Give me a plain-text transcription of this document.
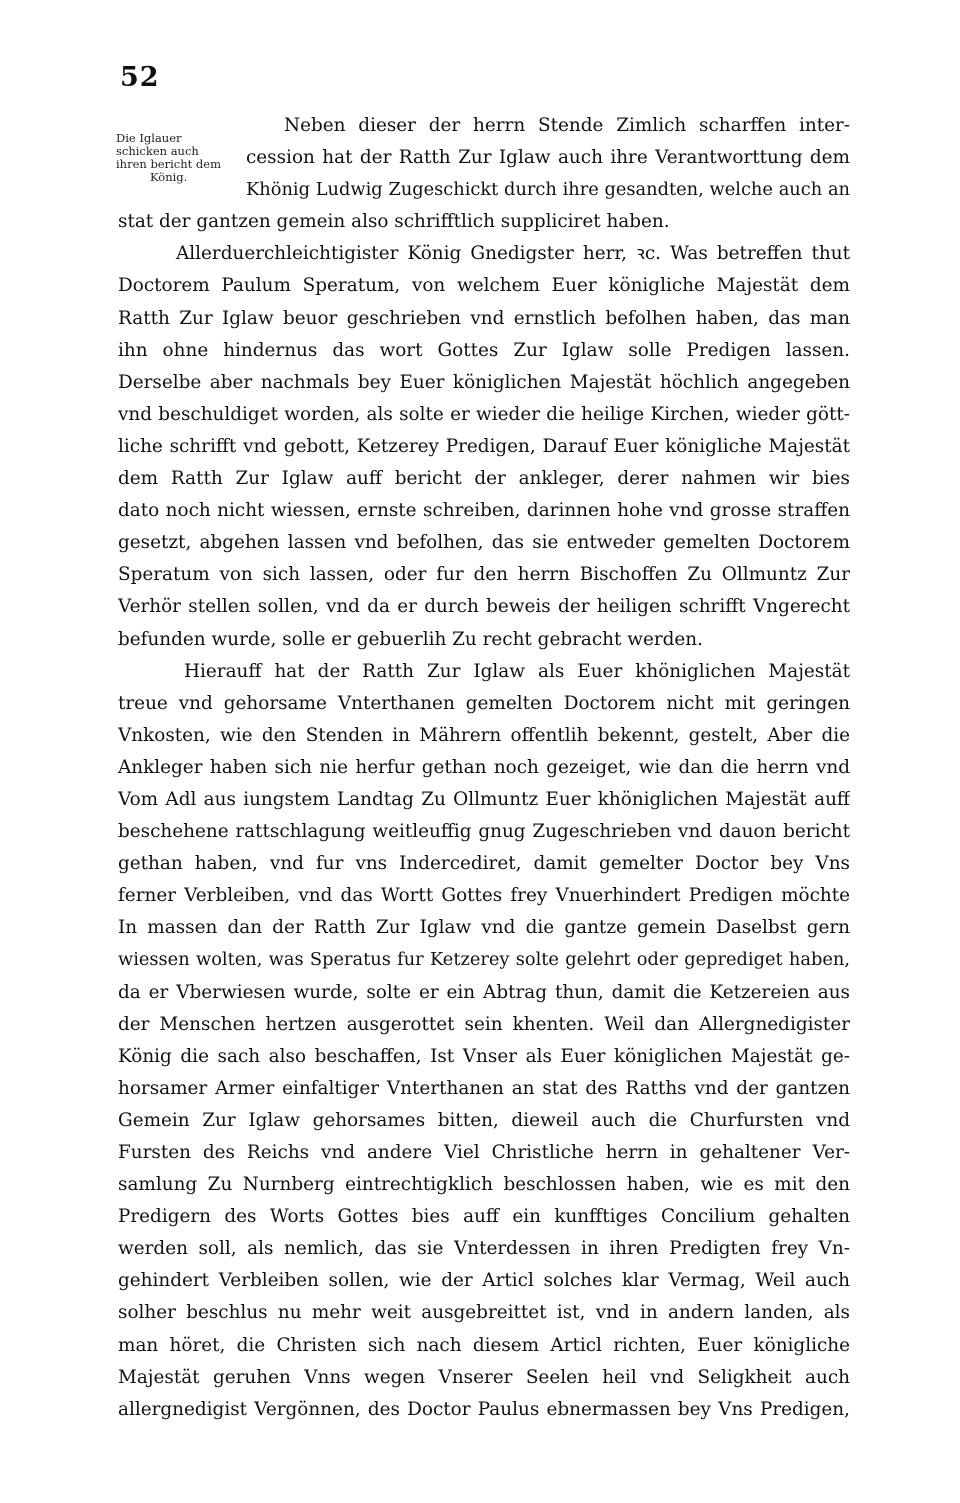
52
Die Iglauer
schicken auch
ihren bericht dem
König.
Neben dieser der herrn Stende Zimlich scharffen inter-
cession hat der Ratth Zur Iglaw auch ihre Verantworttung dem
Khönig Ludwig Zugeschickt durch ihre gesandten, welche auch an
stat der gantzen gemein also schrifftlich suppliciret haben.
Allerduerchleichtigister König Gnedigster herr, ꝛc. Was betreffen thut
Doctorem Paulum Speratum, von welchem Euer königliche Majestät dem
Ratth Zur Iglaw beuor geschrieben vnd ernstlich befolhen haben, das man
ihn ohne hindernus das wort Gottes Zur Iglaw solle Predigen lassen.
Derselbe aber nachmals bey Euer königlichen Majestät höchlich angegeben
vnd beschuldiget worden, als solte er wieder die heilige Kirchen, wieder gött-
liche schrifft vnd gebott, Ketzerey Predigen, Darauf Euer königliche Majestät
dem Ratth Zur Iglaw auff bericht der ankleger, derer nahmen wir bies
dato noch nicht wiessen, ernste schreiben, darinnen hohe vnd grosse straffen
gesetzt, abgehen lassen vnd befolhen, das sie entweder gemelten Doctorem
Speratum von sich lassen, oder fur den herrn Bischoffen Zu Ollmuntz Zur
Verhör stellen sollen, vnd da er durch beweis der heiligen schrifft Vngerecht
befunden wurde, solle er gebuerlih Zu recht gebracht werden.
Hierauff hat der Ratth Zur Iglaw als Euer khöniglichen Majestät
treue vnd gehorsame Vnterthanen gemelten Doctorem nicht mit geringen
Vnkosten, wie den Stenden in Mährern offentlih bekennt, gestelt, Aber die
Ankleger haben sich nie herfur gethan noch gezeiget, wie dan die herrn vnd
Vom Adl aus iungstem Landtag Zu Ollmuntz Euer khöniglichen Majestät auff
beschehene rattschlagung weitleuffig gnug Zugeschrieben vnd dauon bericht
gethan haben, vnd fur vns Indercediret, damit gemelter Doctor bey Vns
ferner Verbleiben, vnd das Wortt Gottes frey Vnuerhindert Predigen möchte
In massen dan der Ratth Zur Iglaw vnd die gantze gemein Daselbst gern
wiessen wolten, was Speratus fur Ketzerey solte gelehrt oder geprediget haben,
da er Vberwiesen wurde, solte er ein Abtrag thun, damit die Ketzereien aus
der Menschen hertzen ausgerottet sein khenten. Weil dan Allergnedigister
König die sach also beschaffen, Ist Vnser als Euer königlichen Majestät ge-
horsamer Armer einfaltiger Vnterthanen an stat des Ratths vnd der gantzen
Gemein Zur Iglaw gehorsames bitten, dieweil auch die Churfursten vnd
Fursten des Reichs vnd andere Viel Christliche herrn in gehaltener Ver-
samlung Zu Nurnberg eintrechtigklich beschlossen haben, wie es mit den
Predigern des Worts Gottes bies auff ein kunfftiges Concilium gehalten
werden soll, als nemlich, das sie Vnterdessen in ihren Predigten frey Vn-
gehindert Verbleiben sollen, wie der Articl solches klar Vermag, Weil auch
solher beschlus nu mehr weit ausgebreittet ist, vnd in andern landen, als
man höret, die Christen sich nach diesem Articl richten, Euer königliche
Majestät geruhen Vnns wegen Vnserer Seelen heil vnd Seligkheit auch
allergnedigist Vergönnen, des Doctor Paulus ebnermassen bey Vns Predigen,
